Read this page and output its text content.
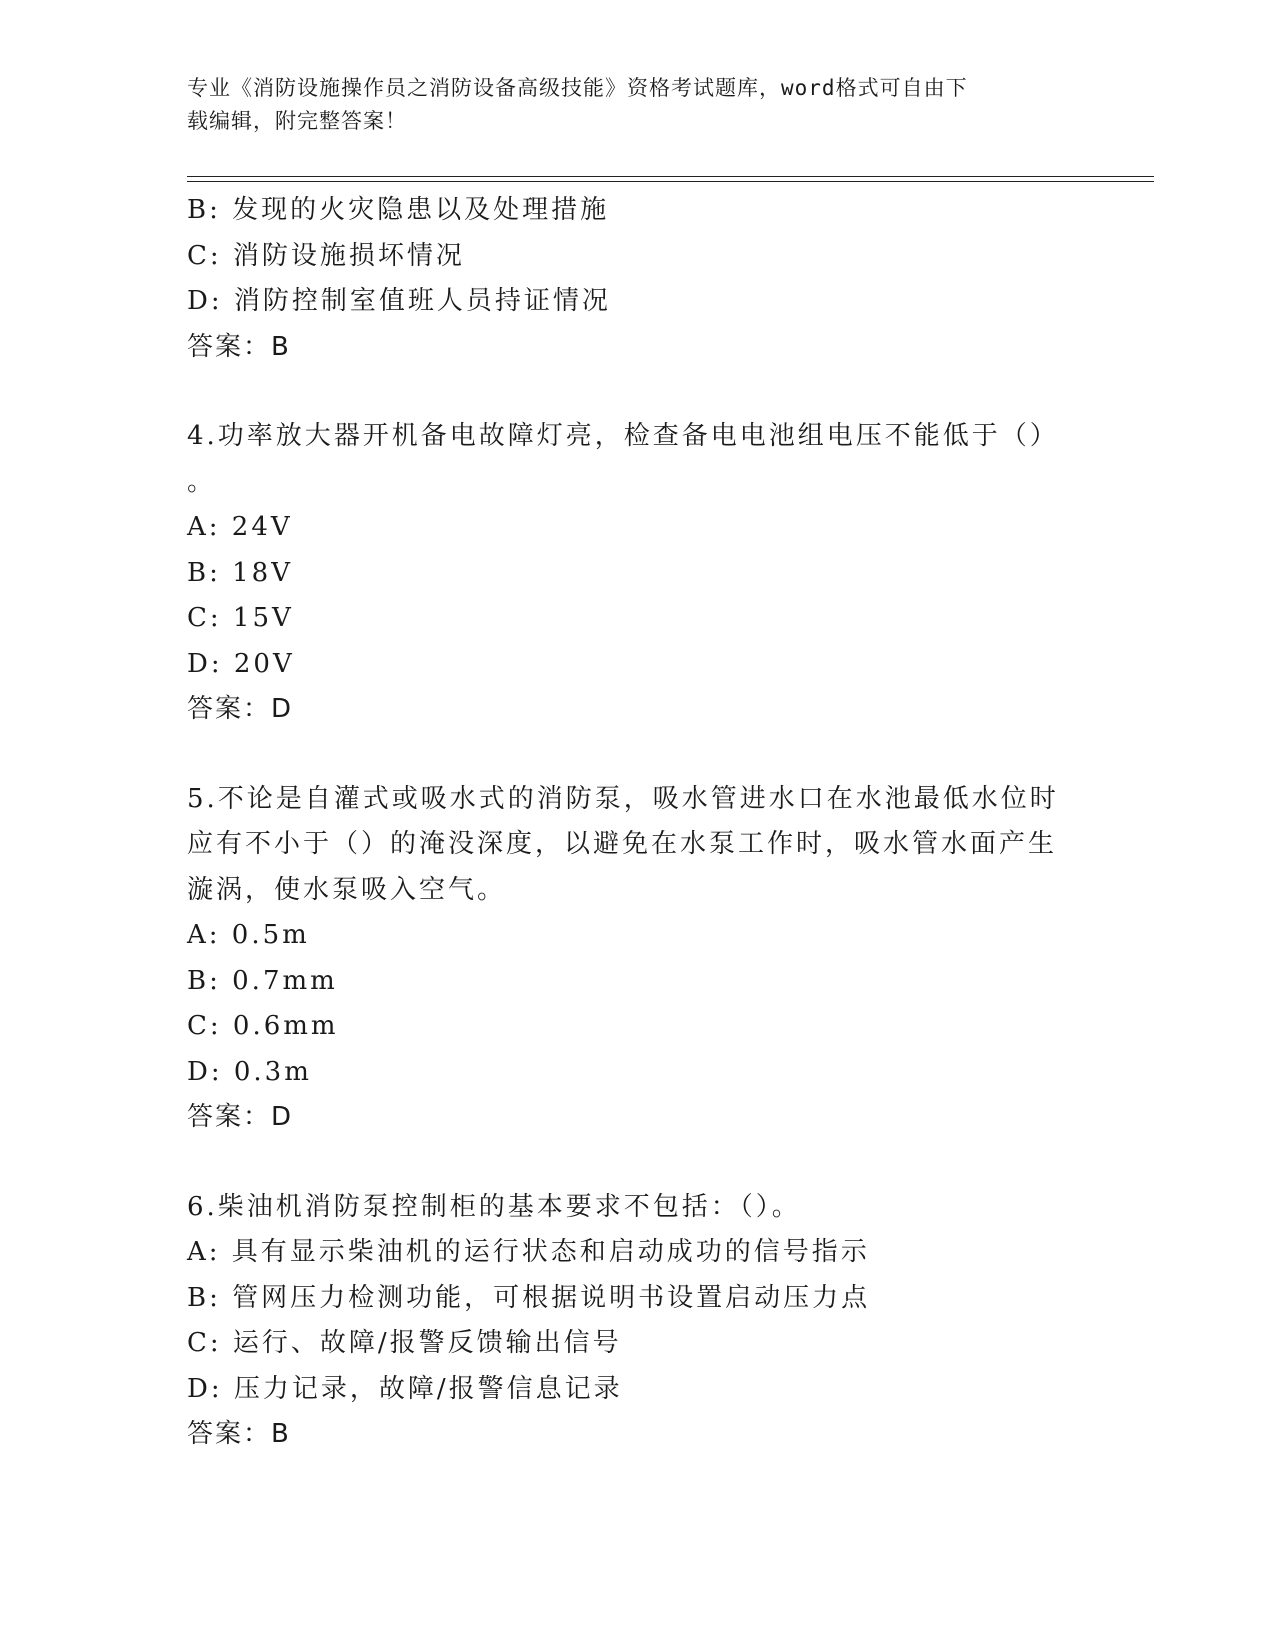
专业《消防设施操作员之消防设备高级技能》资格考试题库，word格式可自由下
载编辑，附完整答案！
B: 发现的火灾隐患以及处理措施
C: 消防设施损坏情况
D: 消防控制室值班人员持证情况
答案：B
4.功率放大器开机备电故障灯亮，检查备电电池组电压不能低于（）
。
A: 24V
B: 18V
C: 15V
D: 20V
答案：D
5.不论是自灌式或吸水式的消防泵，吸水管进水口在水池最低水位时
应有不小于（）的淹没深度，以避免在水泵工作时，吸水管水面产生
漩涡，使水泵吸入空气。
A: 0.5m
B: 0.7mm
C: 0.6mm
D: 0.3m
答案：D
6.柴油机消防泵控制柜的基本要求不包括：（）。
A: 具有显示柴油机的运行状态和启动成功的信号指示
B: 管网压力检测功能，可根据说明书设置启动压力点
C: 运行、故障/报警反馈输出信号
D: 压力记录，故障/报警信息记录
答案：B
